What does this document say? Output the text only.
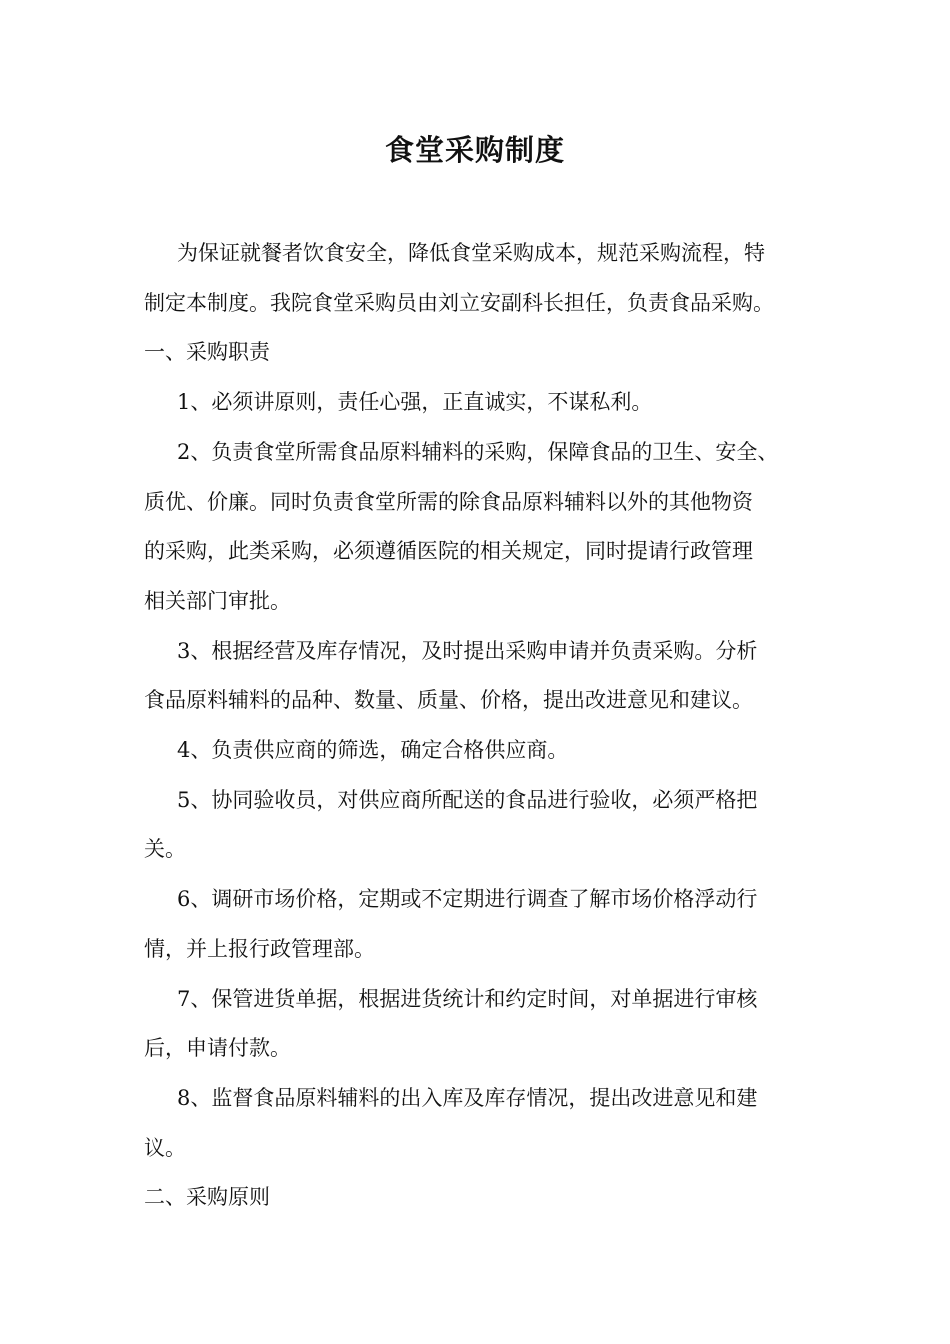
食堂采购制度

为保证就餐者饮食安全，降低食堂采购成本，规范采购流程，特
制定本制度。我院食堂采购员由刘立安副科长担任，负责食品采购。

一、采购职责

1、必须讲原则，责任心强，正直诚实，不谋私利。

2、负责食堂所需食品原料辅料的采购，保障食品的卫生、安全、
质优、价廉。同时负责食堂所需的除食品原料辅料以外的其他物资
的采购，此类采购，必须遵循医院的相关规定，同时提请行政管理
相关部门审批。

3、根据经营及库存情况，及时提出采购申请并负责采购。分析
食品原料辅料的品种、数量、质量、价格，提出改进意见和建议。

4、负责供应商的筛选，确定合格供应商。

5、协同验收员，对供应商所配送的食品进行验收，必须严格把
关。

6、调研市场价格，定期或不定期进行调查了解市场价格浮动行
情，并上报行政管理部。

7、保管进货单据，根据进货统计和约定时间，对单据进行审核
后，申请付款。

8、监督食品原料辅料的出入库及库存情况，提出改进意见和建
议。

二、采购原则
